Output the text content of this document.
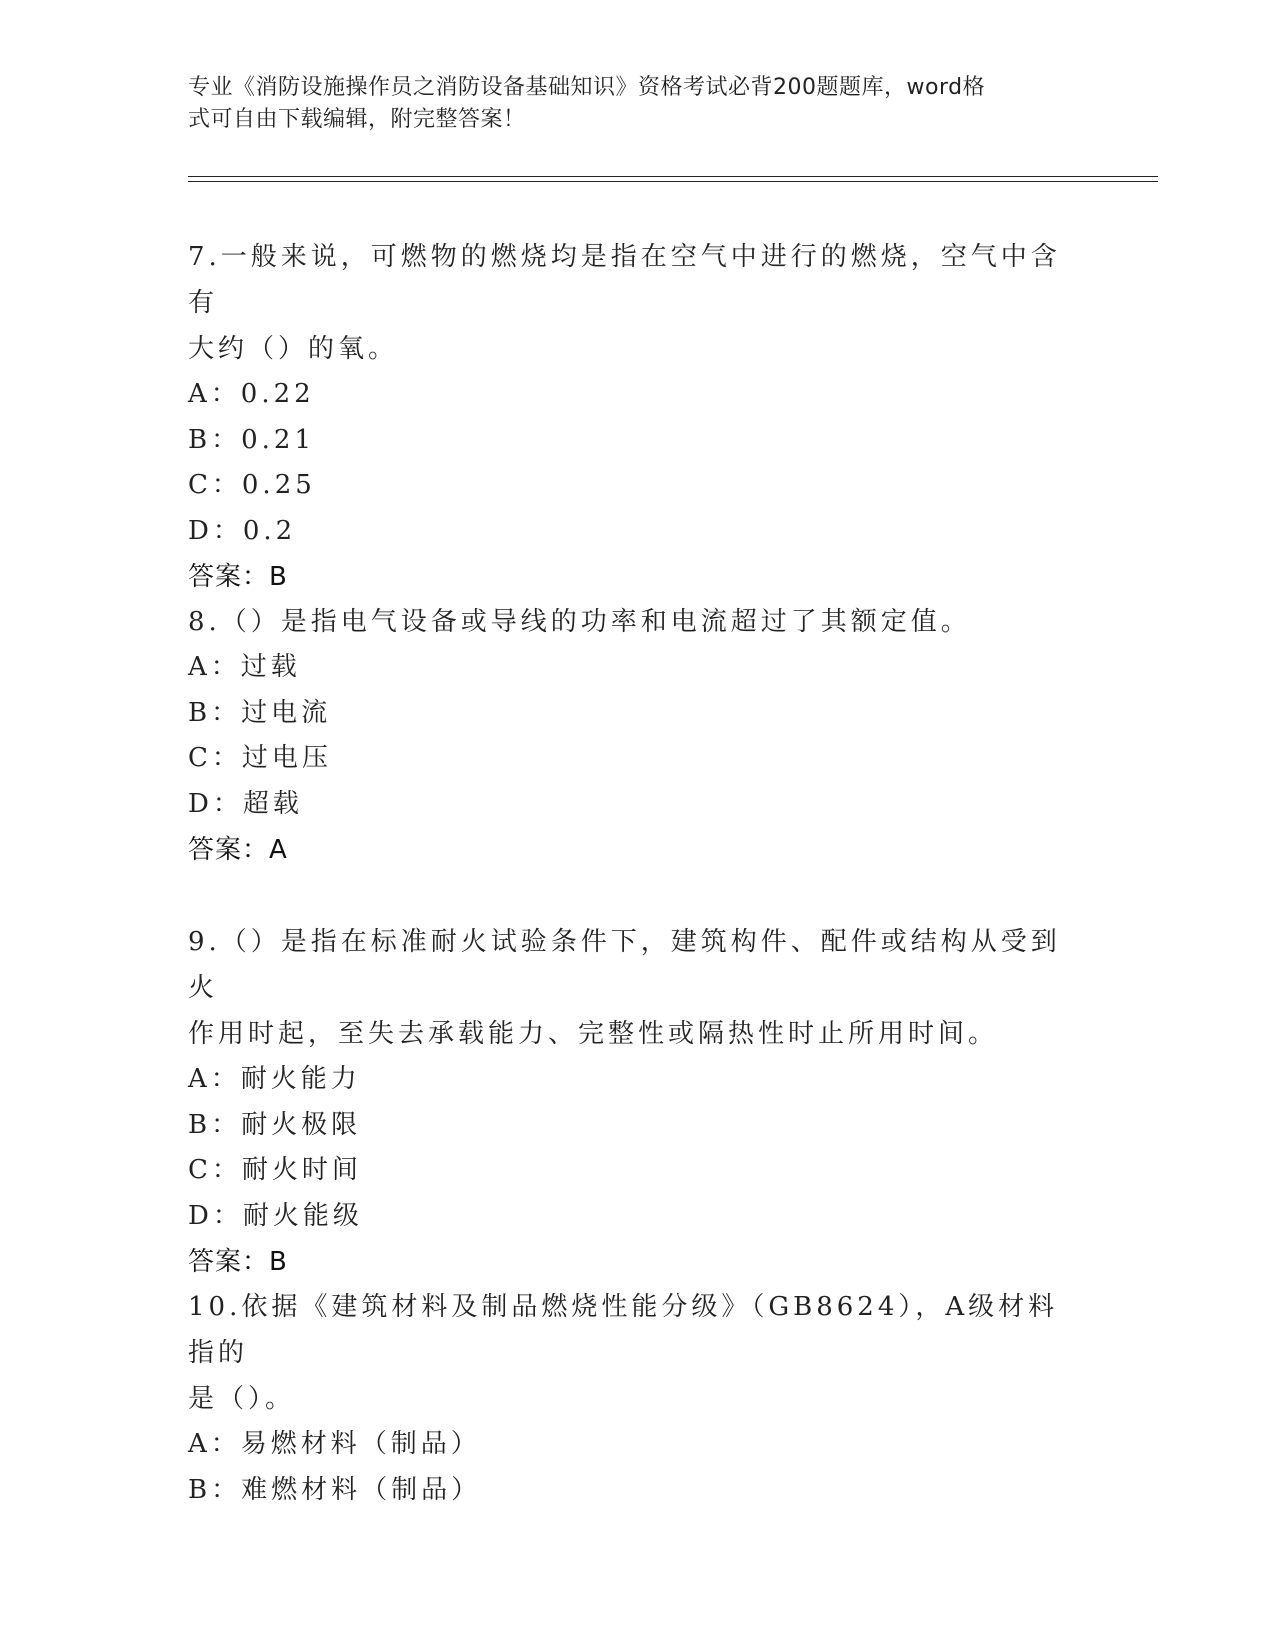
专业《消防设施操作员之消防设备基础知识》资格考试必背200题题库，word格
式可自由下载编辑，附完整答案！

7.一般来说，可燃物的燃烧均是指在空气中进行的燃烧，空气中含有

大约（）的氧。

A：0.22

B：0.21

C：0.25

D：0.2

答案：B

8.（）是指电气设备或导线的功率和电流超过了其额定值。

A：过载

B：过电流

C：过电压

D：超载

答案：A

9.（）是指在标准耐火试验条件下，建筑构件、配件或结构从受到火

作用时起，至失去承载能力、完整性或隔热性时止所用时间。

A：耐火能力

B：耐火极限

C：耐火时间

D：耐火能级

答案：B

10.依据《建筑材料及制品燃烧性能分级》（GB8624），A级材料指的

是（）。

A：易燃材料（制品）

B：难燃材料（制品）
